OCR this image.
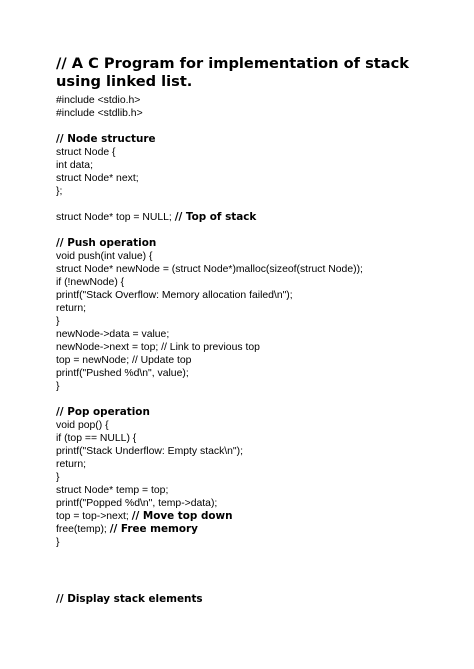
// A C Program for implementation of stack using linked list.
#include <stdio.h>
#include <stdlib.h>
// Node structure
struct Node {
int data;
struct Node* next;
};
struct Node* top = NULL; // Top of stack
// Push operation
void push(int value) {
struct Node* newNode = (struct Node*)malloc(sizeof(struct Node));
if (!newNode) {
printf("Stack Overflow: Memory allocation failed\n");
return;
}
newNode->data = value;
newNode->next = top; // Link to previous top
top = newNode; // Update top
printf("Pushed %d\n", value);
}
// Pop operation
void pop() {
if (top == NULL) {
printf("Stack Underflow: Empty stack\n");
return;
}
struct Node* temp = top;
printf("Popped %d\n", temp->data);
top = top->next; // Move top down
free(temp); // Free memory
}
// Display stack elements
